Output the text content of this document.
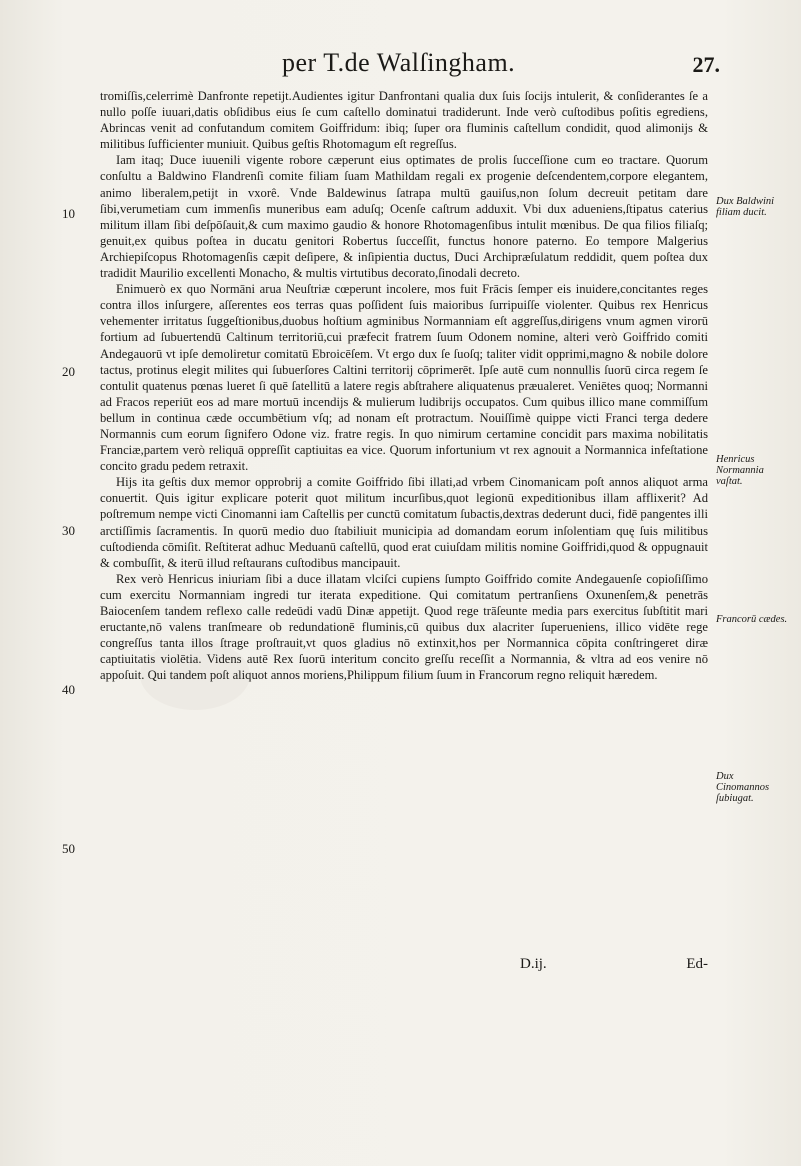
per T.de Walſingham.	27.
10
20
30
40
50

tromiſſis,celerrimè Danfronte repetijt.Audientes igitur Danfrontani qualia dux ſuis ſocijs intulerit, & conſiderantes ſe a nullo poſſe iuuari,datis obſidibus eius ſe cum caſtello dominatui tradiderunt. Inde verò cuſtodibus poſitis egrediens, Abrincas venit ad confutandum comitem Goiffridum: ibiq; ſuper ora fluminis caſtellum condidit, quod alimonijs & militibus ſufficienter muniuit. Quibus geſtis Rhotomagum eſt regreſſus.

Iam itaq; Duce iuuenili vigente robore cæperunt eius optimates de prolis ſucceſſione cum eo tractare. Quorum conſultu a Baldwino Flandrenſi comite filiam ſuam Mathildam regali ex progenie deſcendentem,corpore elegantem, animo liberalem,petijt in vxorê. Vnde Baldewinus ſatrapa multū gauiſus,non ſolum decreuit petitam dare ſibi,verumetiam cum immenſis muneribus eam aduſq; Ocenſe caſtrum adduxit. Vbi dux adueniens,ſtipatus caterius militum illam ſibi deſpōſauit,& cum maximo gaudio & honore Rhotomagenſibus intulit mœnibus. De qua filios filiaſq; genuit,ex quibus poſtea in ducatu genitori Robertus ſucceſſit, functus honore paterno. Eo tempore Malgerius Archiepiſcopus Rhotomagenſis cæpit deſipere, & inſipientia ductus, Duci Archipræſulatum reddidit, quem poſtea dux tradidit Maurilio excellenti Monacho, & multis virtutibus decorato,ſinodali decreto.

Enimuerò ex quo Normāni arua Neuſtriæ cœperunt incolere, mos fuit Frācis ſemper eis inuidere,concitantes reges contra illos inſurgere, aſſerentes eos terras quas poſſident ſuis maioribus ſurripuiſſe violenter. Quibus rex Henricus vehementer irritatus ſuggeſtionibus,duobus hoſtium agminibus Normanniam eſt aggreſſus,dirigens vnum agmen virorū fortium ad ſubuertendū Caltinum territoriū,cui præfecit fratrem ſuum Odonem nomine, alteri verò Goiffrido comiti Andegauorū vt ipſe demoliretur comitatū Ebroicēſem. Vt ergo dux ſe ſuoſq; taliter vidit opprimi,magno & nobile dolore tactus, protinus elegit milites qui ſubuerſores Caltini territorij cōprimerēt. Ipſe autē cum nonnullis ſuorū circa regem ſe contulit quatenus pœnas lueret ſi quē ſatellitū a latere regis abſtrahere aliquatenus præualeret. Veniētes quoq; Normanni ad Fracos reperiūt eos ad mare mortuū incendijs & mulierum ludibrijs occupatos. Cum quibus illico mane commiſſum bellum in continua cæde occumbētium vſq; ad nonam eſt protractum. Nouiſſimè quippe victi Franci terga dedere Normannis cum eorum ſignifero Odone viz. fratre regis. In quo nimirum certamine concidit pars maxima nobilitatis Franciæ,partem verò reliquā oppreſſit captiuitas ea vice. Quorum infortunium vt rex agnouit a Normannica infeſtatione concito gradu pedem retraxit.

Hijs ita geſtis dux memor opprobrij a comite Goiffrido ſibi illati,ad vrbem Cinomanicam poſt annos aliquot arma conuertit. Quis igitur explicare poterit quot militum incurſibus,quot legionū expeditionibus illam afflixerit? Ad poſtremum nempe victi Cinomanni iam Caſtellis per cunctū comitatum ſubactis,dextras dederunt duci, fidē pangentes illi arctiſſimis ſacramentis. In quorū medio duo ſtabiliuit municipia ad domandam eorum inſolentiam quę ſuis militibus cuſtodienda cōmiſit. Reſtiterat adhuc Meduanū caſtellū, quod erat cuiuſdam militis nomine Goiffridi,quod & oppugnauit & combuſſit, & iterū illud reſtaurans cuſtodibus mancipauit.

Rex verò Henricus iniuriam ſibi a duce illatam vlciſci cupiens ſumpto Goiffrido comite Andegauenſe copioſiſſimo cum exercitu Normanniam ingredi tur iterata expeditione. Qui comitatum pertranſiens Oxunenſem,& penetrās Baiocenſem tandem reflexo calle redeūdi vadū Dinæ appetijt. Quod rege trāſeunte media pars exercitus ſubſtitit mari eructante,nō valens tranſmeare ob redundationē fluminis,cū quibus dux alacriter ſuperueniens, illico vidēte rege congreſſus tanta illos ſtrage proſtrauit,vt quos gladius nō extinxit,hos per Normannica cōpita conſtringeret diræ captiuitatis violētia. Videns autē Rex ſuorū interitum concito greſſu receſſit a Normannia, & vltra ad eos venire nō appoſuit. Qui tandem poſt aliquot annos moriens,Philippum filium ſuum in Francorum regno reliquit hæredem.

Dux Baldwini filiam ducit.
Henricus Normannia vaſtat.
Francorū cædes.
Dux Cinomannos ſubiugat.
D.ij.	Ed-
